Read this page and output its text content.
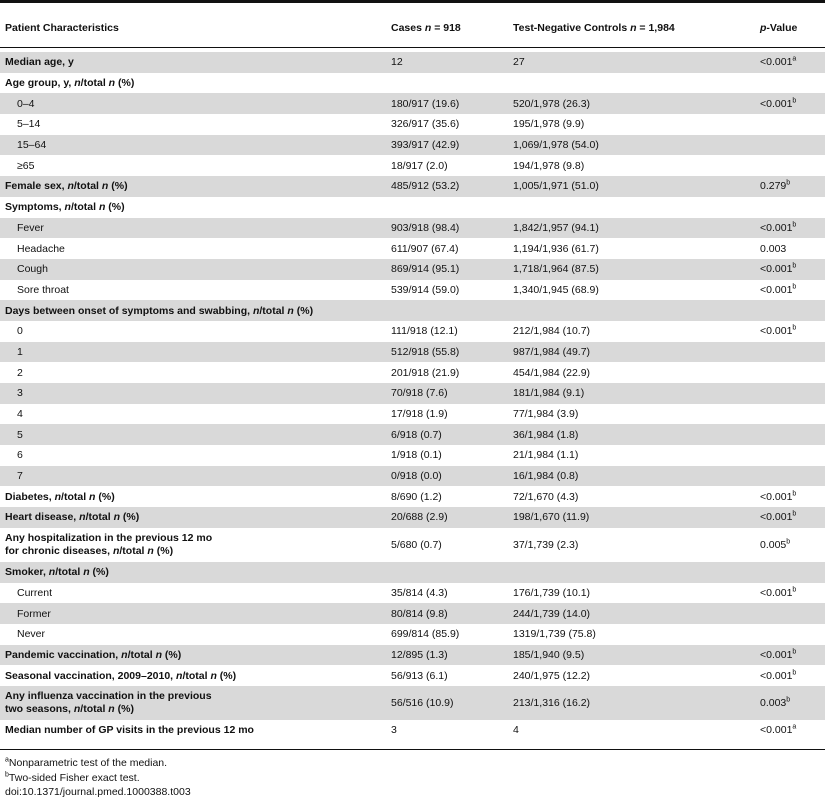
Patient Characteristics	Cases n = 918	Test-Negative Controls n = 1,984	p-Value
Median age, y	12	27	<0.001$^a$
Age group, y, n/total n (%)
0–4	180/917 (19.6)	520/1,978 (26.3)	<0.001$^b$
5–14	326/917 (35.6)	195/1,978 (9.9)
15–64	393/917 (42.9)	1,069/1,978 (54.0)
≥65	18/917 (2.0)	194/1,978 (9.8)
Female sex, n/total n (%)	485/912 (53.2)	1,005/1,971 (51.0)	0.279$^b$
Symptoms, n/total n (%)
Fever	903/918 (98.4)	1,842/1,957 (94.1)	<0.001$^b$
Headache	611/907 (67.4)	1,194/1,936 (61.7)	0.003
Cough	869/914 (95.1)	1,718/1,964 (87.5)	<0.001$^b$
Sore throat	539/914 (59.0)	1,340/1,945 (68.9)	<0.001$^b$
Days between onset of symptoms and swabbing, n/total n (%)
0	111/918 (12.1)	212/1,984 (10.7)	<0.001$^b$
1	512/918 (55.8)	987/1,984 (49.7)
2	201/918 (21.9)	454/1,984 (22.9)
3	70/918 (7.6)	181/1,984 (9.1)
4	17/918 (1.9)	77/1,984 (3.9)
5	6/918 (0.7)	36/1,984 (1.8)
6	1/918 (0.1)	21/1,984 (1.1)
7	0/918 (0.0)	16/1,984 (0.8)
Diabetes, n/total n (%)	8/690 (1.2)	72/1,670 (4.3)	<0.001$^b$
Heart disease, n/total n (%)	20/688 (2.9)	198/1,670 (11.9)	<0.001$^b$
Any hospitalization in the previous 12 mo
for chronic diseases, n/total n (%)	5/680 (0.7)	37/1,739 (2.3)	0.005$^b$
Smoker, n/total n (%)
Current	35/814 (4.3)	176/1,739 (10.1)	<0.001$^b$
Former	80/814 (9.8)	244/1,739 (14.0)
Never	699/814 (85.9)	1319/1,739 (75.8)
Pandemic vaccination, n/total n (%)	12/895 (1.3)	185/1,940 (9.5)	<0.001$^b$
Seasonal vaccination, 2009–2010, n/total n (%)	56/913 (6.1)	240/1,975 (12.2)	<0.001$^b$
Any influenza vaccination in the previous
two seasons, n/total n (%)	56/516 (10.9)	213/1,316 (16.2)	0.003$^b$
Median number of GP visits in the previous 12 mo	3	4	<0.001$^a$
$^a$Nonparametric test of the median.
$^b$Two-sided Fisher exact test.
doi:10.1371/journal.pmed.1000388.t003
